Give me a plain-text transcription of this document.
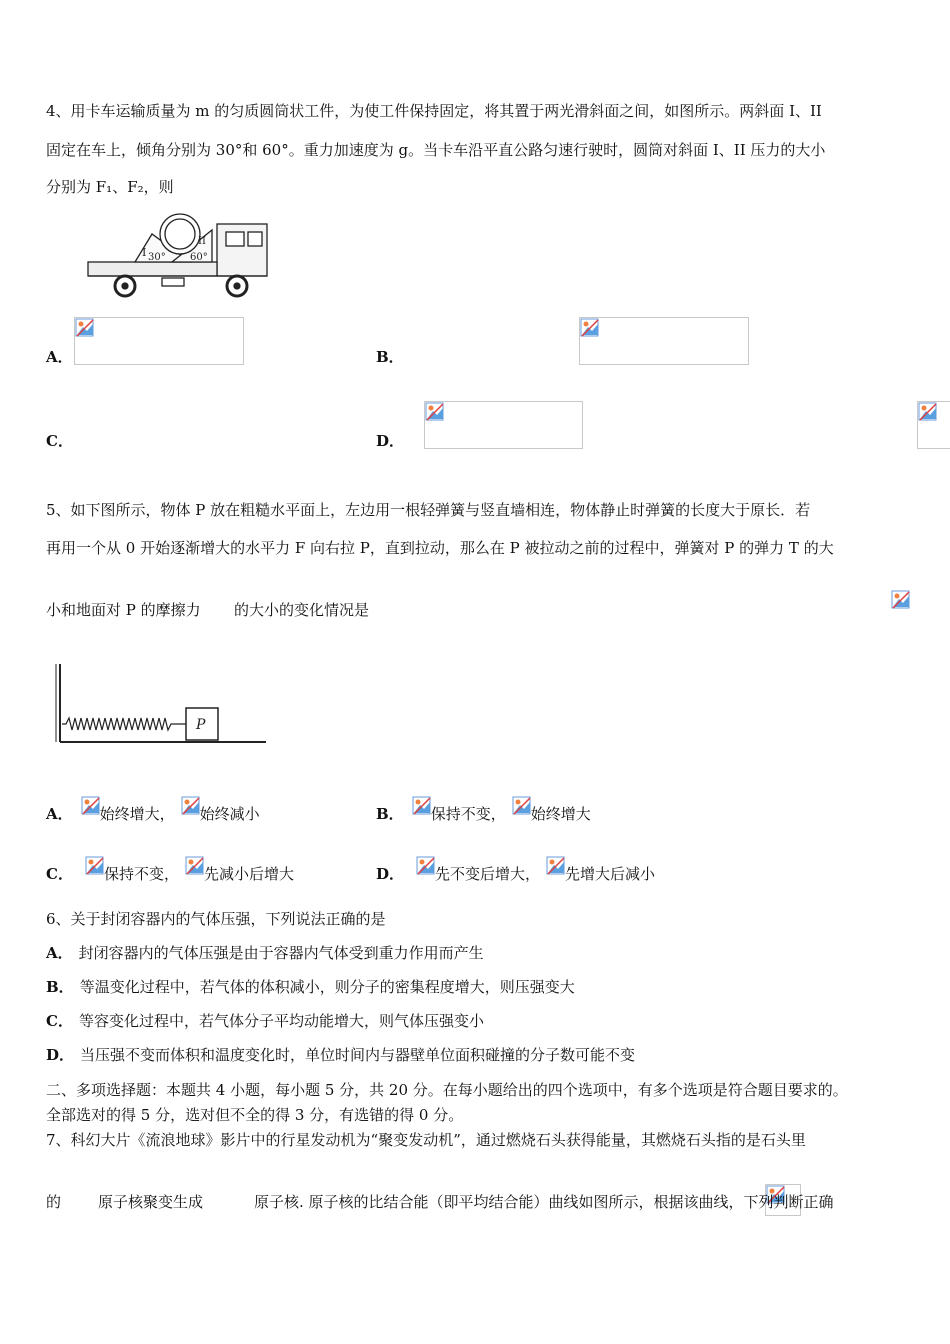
4、用卡车运输质量为 m 的匀质圆筒状工件，为使工件保持固定，将其置于两光滑斜面之间，如图所示。两斜面 I、II
固定在车上，倾角分别为 30°和 60°。重力加速度为 g。当卡车沿平直公路匀速行驶时，圆筒对斜面 I、II 压力的大小
分别为 F₁、F₂，则
I
II
30° 60°
A．
	B．

C．
	D．

5、如下图所示，物体 P 放在粗糙水平面上，左边用一根轻弹簧与竖直墙相连，物体静止时弹簧的长度大于原长．若
再用一个从 0 开始逐渐增大的水平力 F 向右拉 P，直到拉动，那么在 P 被拉动之前的过程中，弹簧对 P 的弹力 T 的大
小和地面对 P 的摩擦力
的大小的变化情况是
P
A． 始终增大， 始终减小	B． 保持不变， 始终增大
C． 保持不变， 先减小后增大	D． 先不变后增大， 先增大后减小
6、关于封闭容器内的气体压强，下列说法正确的是
A． 封闭容器内的气体压强是由于容器内气体受到重力作用而产生
B． 等温变化过程中，若气体的体积减小，则分子的密集程度增大，则压强变大
C． 等容变化过程中，若气体分子平均动能增大，则气体压强变小
D． 当压强不变而体积和温度变化时，单位时间内与器壁单位面积碰撞的分子数可能不变
二、多项选择题：本题共 4 小题，每小题 5 分，共 20 分。在每小题给出的四个选项中，有多个选项是符合题目要求的。
全部选对的得 5 分，选对但不全的得 3 分，有选错的得 0 分。
7、科幻大片《流浪地球》影片中的行星发动机为“聚变发动机”，通过燃烧石头获得能量，其燃烧石头指的是石头里
的
原子核聚变生成	原子核. 原子核的比结合能（即平均结合能）曲线如图所示，根据该曲线，下列判断正确
